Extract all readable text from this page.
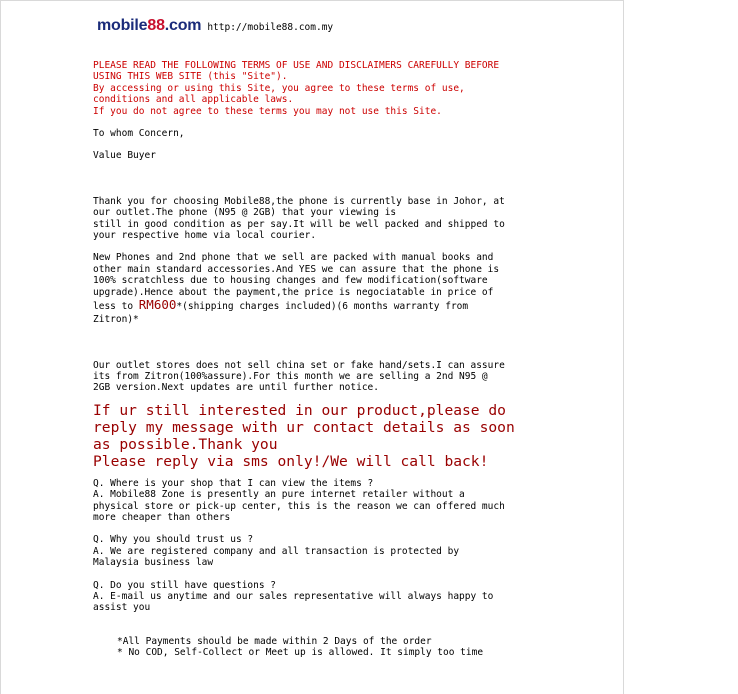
mobile88.com http://mobile88.com.my

PLEASE READ THE FOLLOWING TERMS OF USE AND DISCLAIMERS CAREFULLY BEFORE

USING THIS WEB SITE (this "Site").

By accessing or using this Site, you agree to these terms of use,

conditions and all applicable laws.

If you do not agree to these terms you may not use this Site.

To whom Concern,

Value Buyer

Thank you for choosing Mobile88,the phone is currently base in Johor, at

our outlet.The phone (N95 @ 2GB) that your viewing is

still in good condition as per say.It will be well packed and shipped to

your respective home via local courier.

New Phones and 2nd phone that we sell are packed with manual books and

other main standard accessories.And YES we can assure that the phone is

100% scratchless due to housing changes and few modification(software

upgrade).Hence about the payment,the price is negociatable in price of

less to RM600*(shipping charges included)(6 months warranty from

Zitron)*

Our outlet stores does not sell china set or fake hand/sets.I can assure

its from Zitron(100%assure).For this month we are selling a 2nd N95 @

2GB version.Next updates are until further notice.

If ur still interested in our product,please do

reply my message with ur contact details as soon

as possible.Thank you

Please reply via sms only!/We will call back!

Q. Where is your shop that I can view the items ?

A. Mobile88 Zone is presently an pure internet retailer without a

physical store or pick-up center, this is the reason we can offered much

more cheaper than others

Q. Why you should trust us ?

A. We are registered company and all transaction is protected by

Malaysia business law

Q. Do you still have questions ?

A. E-mail us anytime and our sales representative will always happy to

assist you

*All Payments should be made within 2 Days of the order

* No COD, Self-Collect or Meet up is allowed. It simply too time
